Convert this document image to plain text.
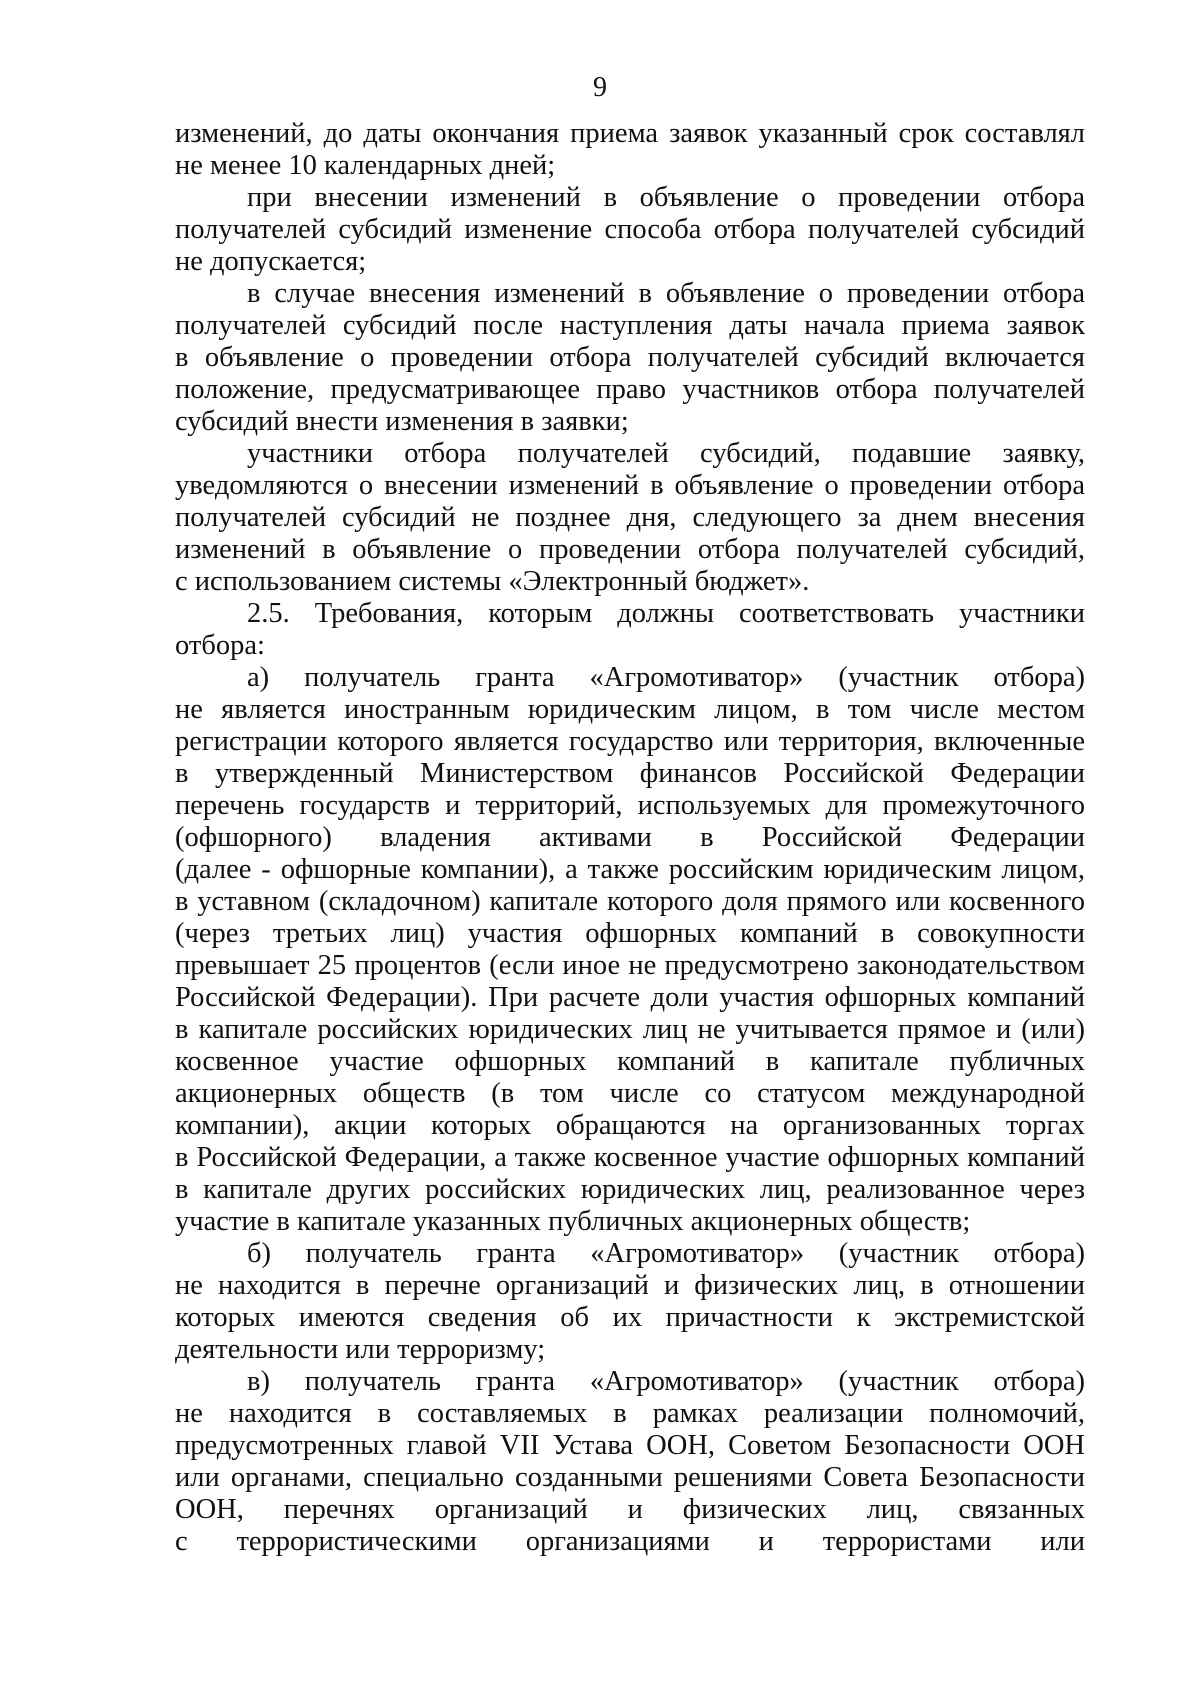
9
изменений, до даты окончания приема заявок указанный срок составлял
не менее 10 календарных дней;
при внесении изменений в объявление о проведении отбора
получателей субсидий изменение способа отбора получателей субсидий
не допускается;
в случае внесения изменений в объявление о проведении отбора
получателей субсидий после наступления даты начала приема заявок
в объявление о проведении отбора получателей субсидий включается
положение, предусматривающее право участников отбора получателей
субсидий внести изменения в заявки;
участники отбора получателей субсидий, подавшие заявку,
уведомляются о внесении изменений в объявление о проведении отбора
получателей субсидий не позднее дня, следующего за днем внесения
изменений в объявление о проведении отбора получателей субсидий,
с использованием системы «Электронный бюджет».
2.5. Требования, которым должны соответствовать участники
отбора:
а) получатель гранта «Агромотиватор» (участник отбора)
не является иностранным юридическим лицом, в том числе местом
регистрации которого является государство или территория, включенные
в утвержденный Министерством финансов Российской Федерации
перечень государств и территорий, используемых для промежуточного
(офшорного) владения активами в Российской Федерации
(далее - офшорные компании), а также российским юридическим лицом,
в уставном (складочном) капитале которого доля прямого или косвенного
(через третьих лиц) участия офшорных компаний в совокупности
превышает 25 процентов (если иное не предусмотрено законодательством
Российской Федерации). При расчете доли участия офшорных компаний
в капитале российских юридических лиц не учитывается прямое и (или)
косвенное участие офшорных компаний в капитале публичных
акционерных обществ (в том числе со статусом международной
компании), акции которых обращаются на организованных торгах
в Российской Федерации, а также косвенное участие офшорных компаний
в капитале других российских юридических лиц, реализованное через
участие в капитале указанных публичных акционерных обществ;
б) получатель гранта «Агромотиватор» (участник отбора)
не находится в перечне организаций и физических лиц, в отношении
которых имеются сведения об их причастности к экстремистской
деятельности или терроризму;
в) получатель гранта «Агромотиватор» (участник отбора)
не находится в составляемых в рамках реализации полномочий,
предусмотренных главой VII Устава ООН, Советом Безопасности ООН
или органами, специально созданными решениями Совета Безопасности
ООН, перечнях организаций и физических лиц, связанных
с террористическими организациями и террористами или
